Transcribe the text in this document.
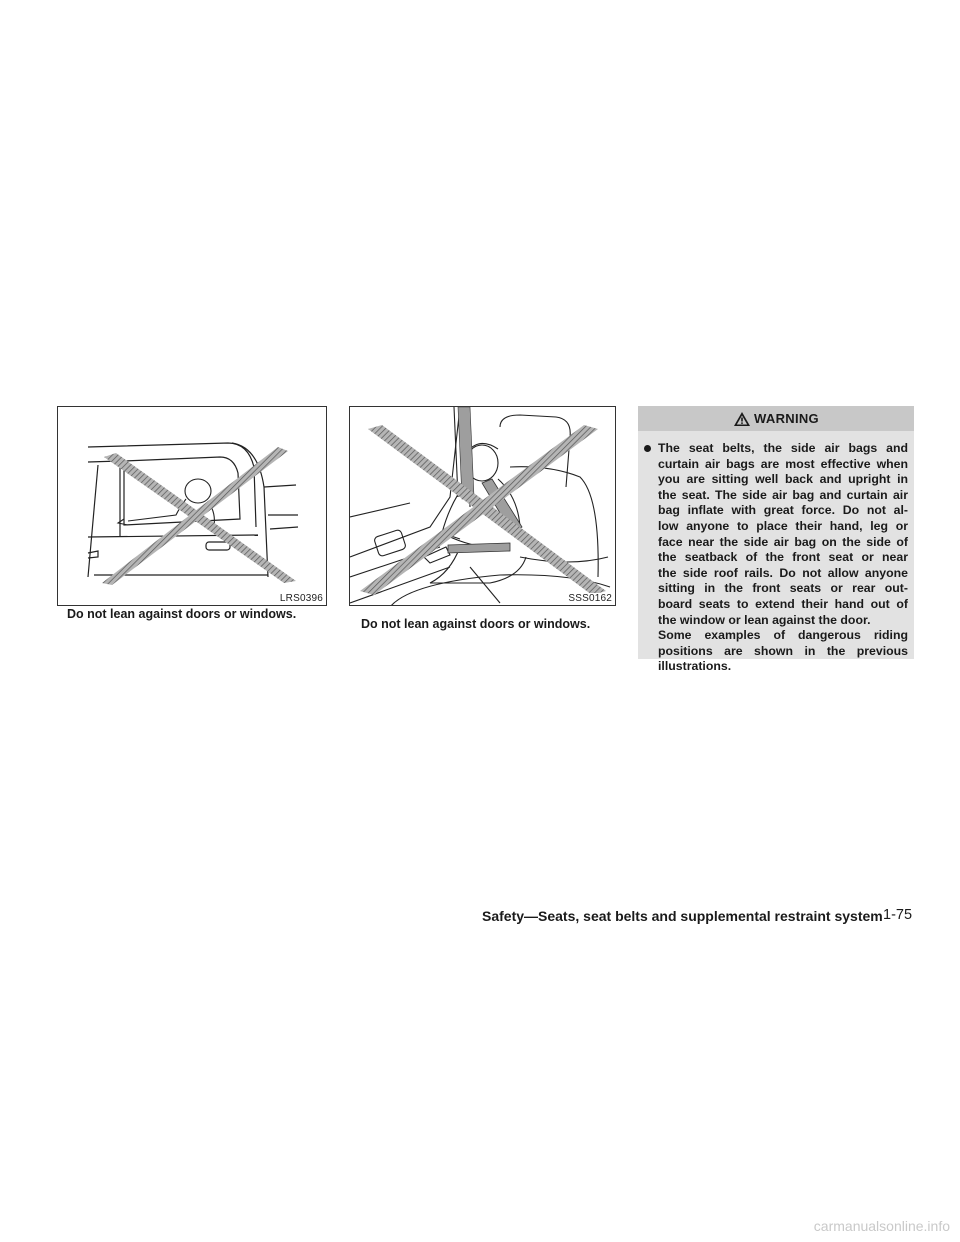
LRS0396
Do not lean against doors or windows.
SSS0162
Do not lean against doors or windows.
WARNING
The seat belts, the side air bags and
curtain air bags are most effective when
you are sitting well back and upright in
the seat. The side air bag and curtain air
bag inflate with great force. Do not al-
low anyone to place their hand, leg or
face near the side air bag on the side of
the seatback of the front seat or near
the side roof rails. Do not allow anyone
sitting in the front seats or rear out-
board seats to extend their hand out of
the window or lean against the door.
Some examples of dangerous riding
positions are shown in the previous
illustrations.
Safety—Seats, seat belts and supplemental restraint system 1-75
carmanualsonline.info
